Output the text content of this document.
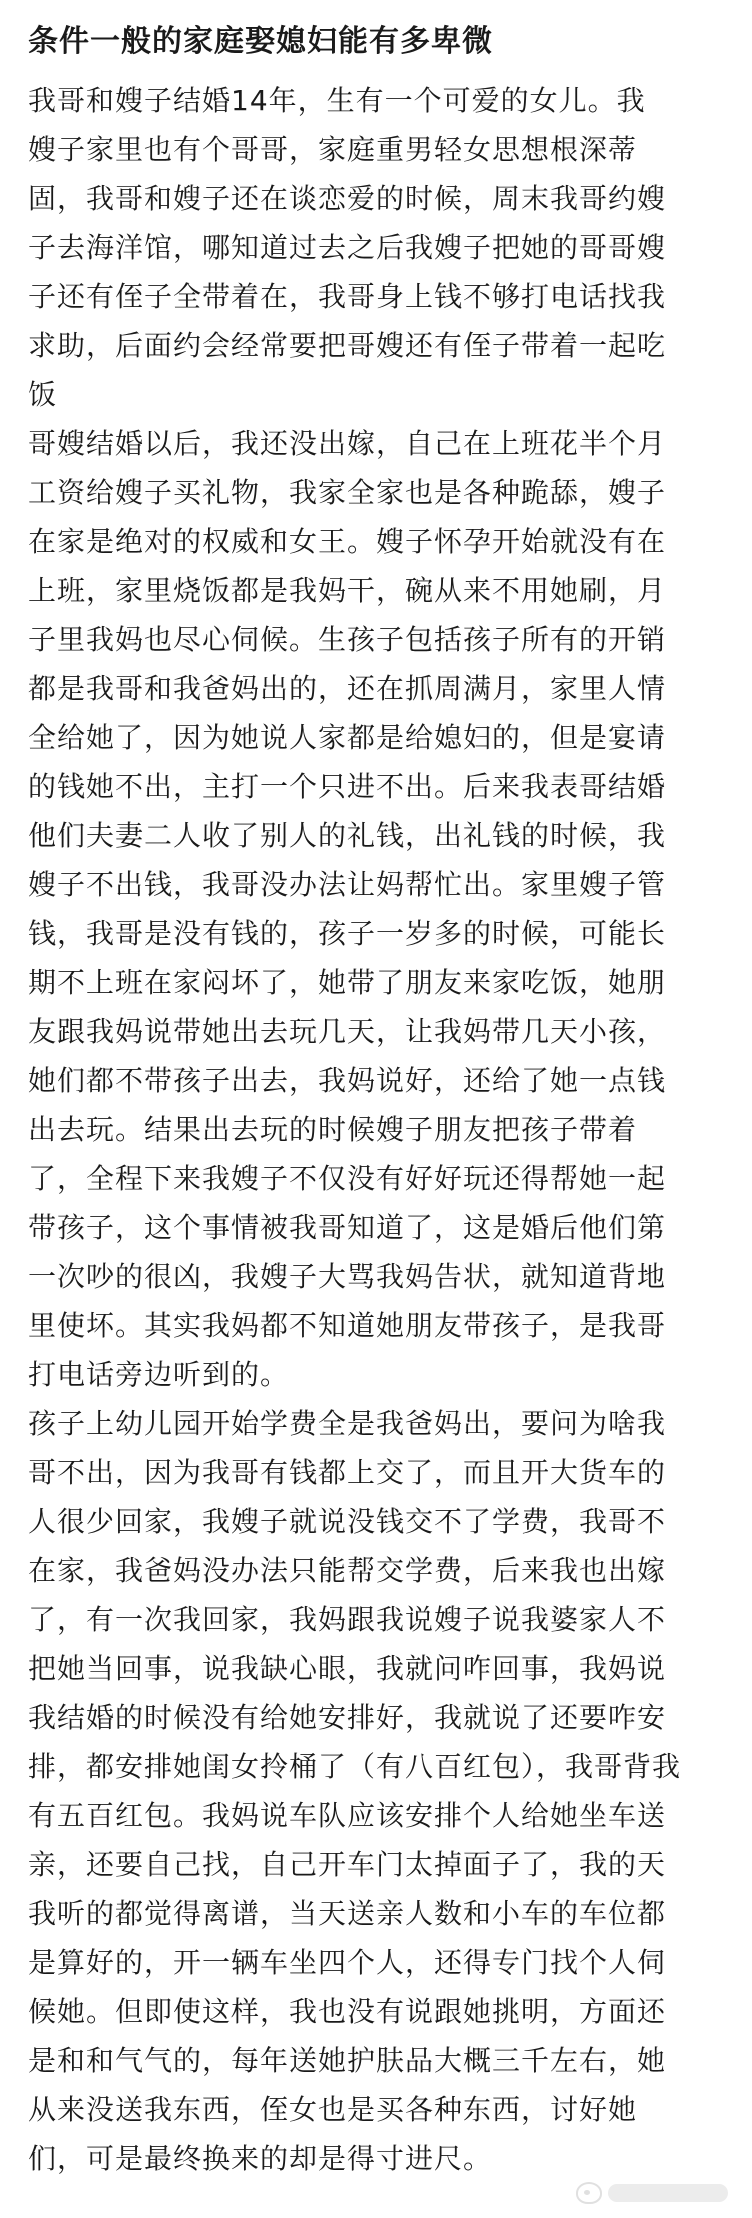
条件一般的家庭娶媳妇能有多卑微

我哥和嫂子结婚14年，生有一个可爱的女儿。我
嫂子家里也有个哥哥，家庭重男轻女思想根深蒂
固，我哥和嫂子还在谈恋爱的时候，周末我哥约嫂
子去海洋馆，哪知道过去之后我嫂子把她的哥哥嫂
子还有侄子全带着在，我哥身上钱不够打电话找我
求助，后面约会经常要把哥嫂还有侄子带着一起吃
饭

哥嫂结婚以后，我还没出嫁，自己在上班花半个月
工资给嫂子买礼物，我家全家也是各种跪舔，嫂子
在家是绝对的权威和女王。嫂子怀孕开始就没有在
上班，家里烧饭都是我妈干，碗从来不用她刷，月
子里我妈也尽心伺候。生孩子包括孩子所有的开销
都是我哥和我爸妈出的，还在抓周满月，家里人情
全给她了，因为她说人家都是给媳妇的，但是宴请
的钱她不出，主打一个只进不出。后来我表哥结婚
他们夫妻二人收了别人的礼钱，出礼钱的时候，我
嫂子不出钱，我哥没办法让妈帮忙出。家里嫂子管
钱，我哥是没有钱的，孩子一岁多的时候，可能长
期不上班在家闷坏了，她带了朋友来家吃饭，她朋
友跟我妈说带她出去玩几天，让我妈带几天小孩，
她们都不带孩子出去，我妈说好，还给了她一点钱
出去玩。结果出去玩的时候嫂子朋友把孩子带着
了，全程下来我嫂子不仅没有好好玩还得帮她一起
带孩子，这个事情被我哥知道了，这是婚后他们第
一次吵的很凶，我嫂子大骂我妈告状，就知道背地
里使坏。其实我妈都不知道她朋友带孩子，是我哥
打电话旁边听到的。

孩子上幼儿园开始学费全是我爸妈出，要问为啥我
哥不出，因为我哥有钱都上交了，而且开大货车的
人很少回家，我嫂子就说没钱交不了学费，我哥不
在家，我爸妈没办法只能帮交学费，后来我也出嫁
了，有一次我回家，我妈跟我说嫂子说我婆家人不
把她当回事，说我缺心眼，我就问咋回事，我妈说
我结婚的时候没有给她安排好，我就说了还要咋安
排，都安排她闺女拎桶了（有八百红包），我哥背我
有五百红包。我妈说车队应该安排个人给她坐车送
亲，还要自己找，自己开车门太掉面子了，我的天
我听的都觉得离谱，当天送亲人数和小车的车位都
是算好的，开一辆车坐四个人，还得专门找个人伺
候她。但即使这样，我也没有说跟她挑明，方面还
是和和气气的，每年送她护肤品大概三千左右，她
从来没送我东西，侄女也是买各种东西，讨好她
们，可是最终换来的却是得寸进尺。
